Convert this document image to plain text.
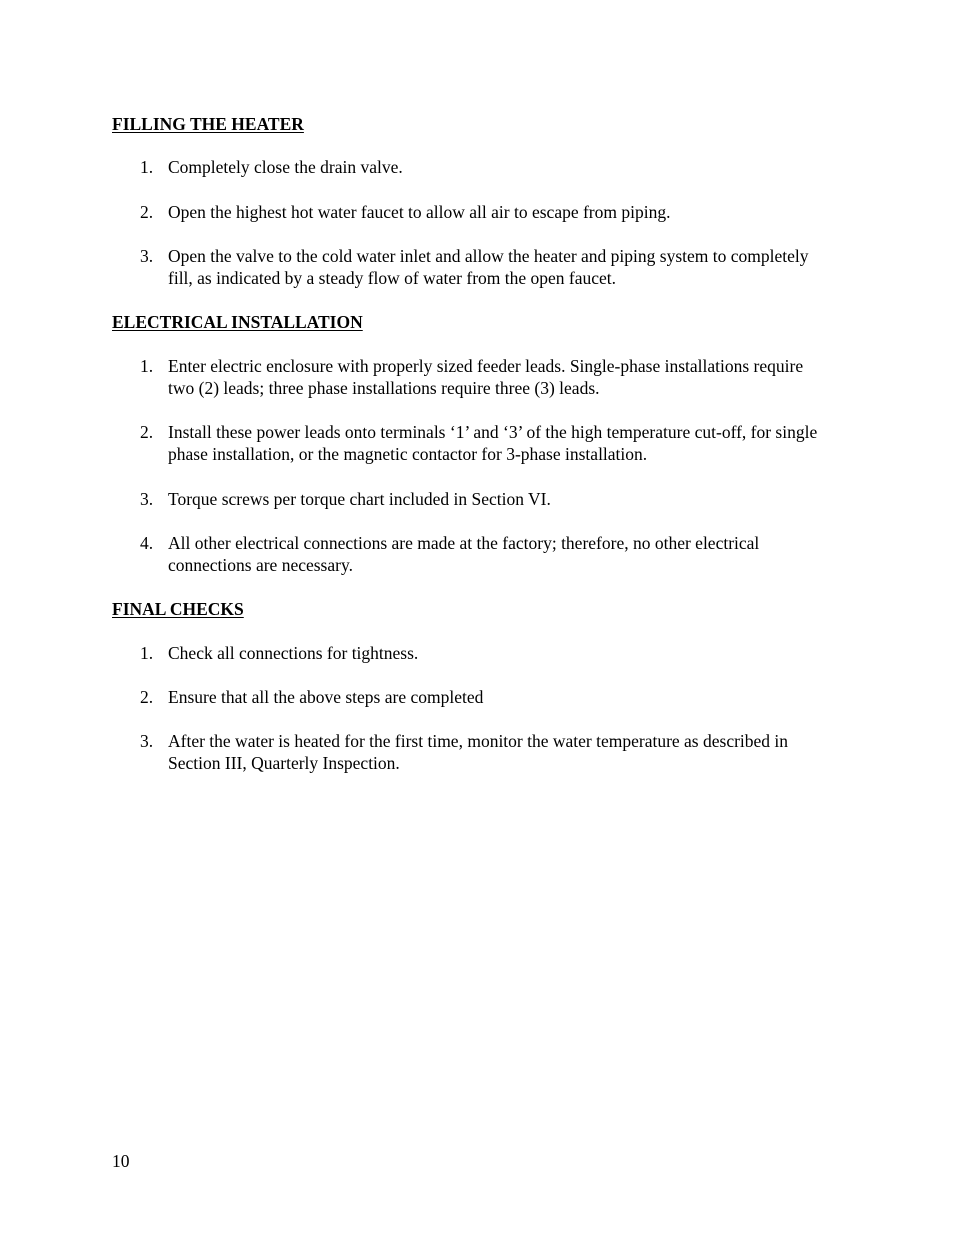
FILLING THE HEATER
1. Completely close the drain valve.
2. Open the highest hot water faucet to allow all air to escape from piping.
3. Open the valve to the cold water inlet and allow the heater and piping system to completely
fill, as indicated by a steady flow of water from the open faucet.
ELECTRICAL INSTALLATION
1. Enter electric enclosure with properly sized feeder leads. Single-phase installations require
two (2) leads; three phase installations require three (3) leads.
2. Install these power leads onto terminals ‘1’ and ‘3’ of the high temperature cut-off, for single
phase installation, or the magnetic contactor for 3-phase installation.
3. Torque screws per torque chart included in Section VI.
4. All other electrical connections are made at the factory; therefore, no other electrical
connections are necessary.
FINAL CHECKS
1. Check all connections for tightness.
2. Ensure that all the above steps are completed
3. After the water is heated for the first time, monitor the water temperature as described in
Section III, Quarterly Inspection.
10
